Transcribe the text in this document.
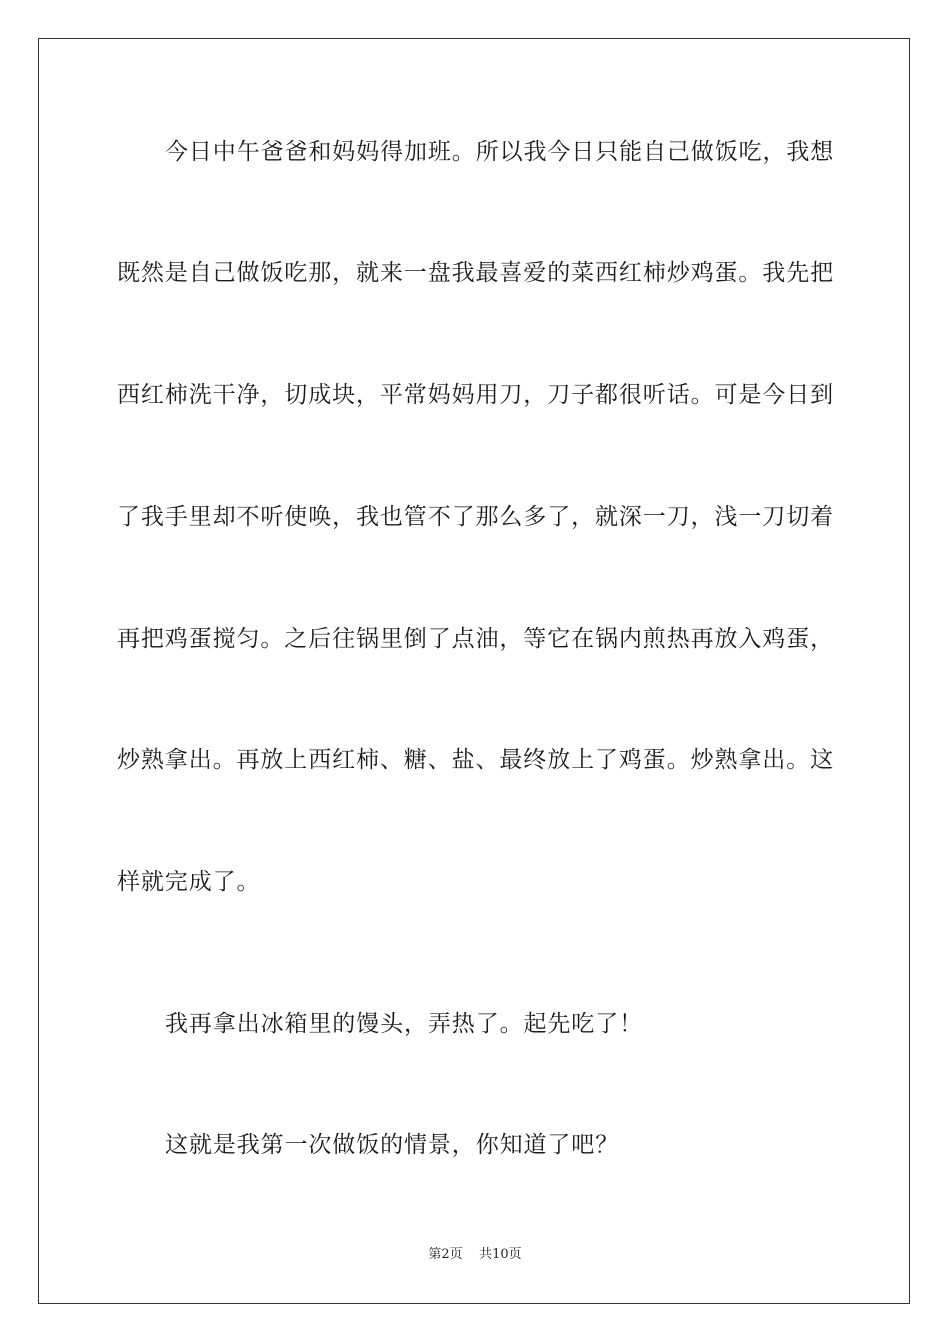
今日中午爸爸和妈妈得加班。所以我今日只能自己做饭吃，我想
既然是自己做饭吃那，就来一盘我最喜爱的菜西红柿炒鸡蛋。我先把
西红柿洗干净，切成块，平常妈妈用刀，刀子都很听话。可是今日到
了我手里却不听使唤，我也管不了那么多了，就深一刀，浅一刀切着
再把鸡蛋搅匀。之后往锅里倒了点油，等它在锅内煎热再放入鸡蛋，
炒熟拿出。再放上西红柿、糖、盐、最终放上了鸡蛋。炒熟拿出。这
样就完成了。
我再拿出冰箱里的馒头，弄热了。起先吃了！
这就是我第一次做饭的情景，你知道了吧？
第2页 共10页
